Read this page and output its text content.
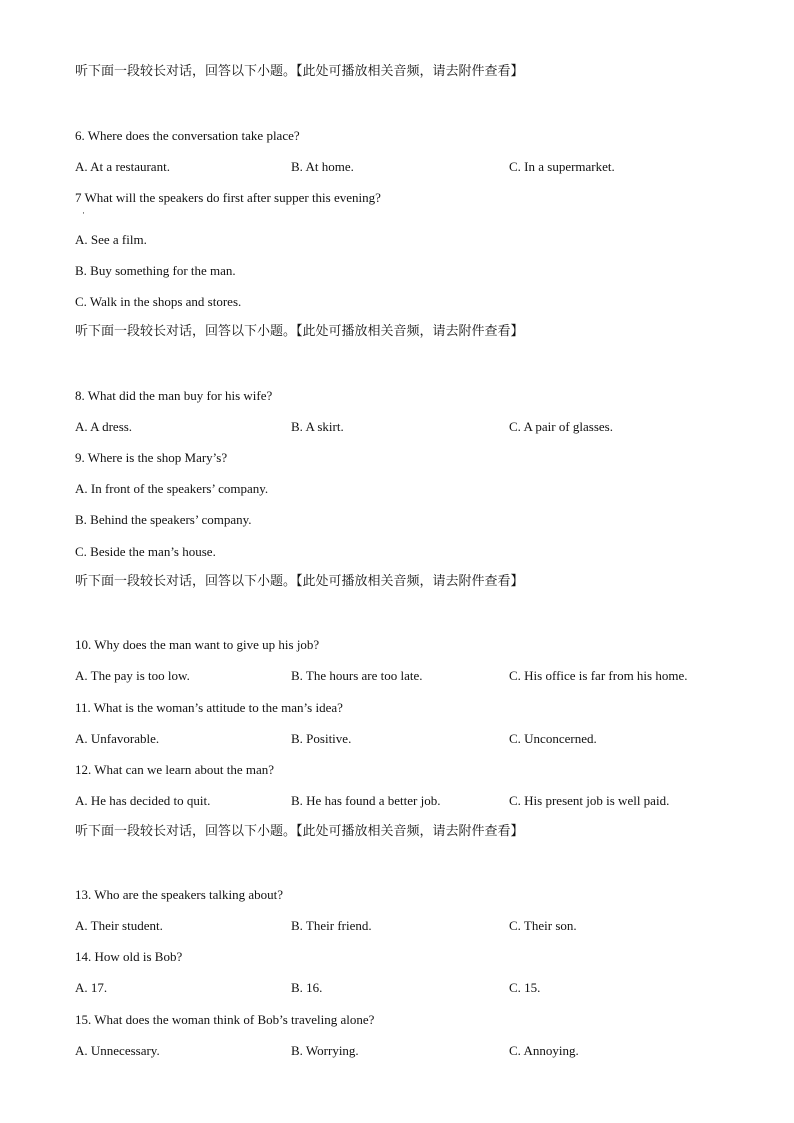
听下面一段较长对话，回答以下小题。【此处可播放相关音频，请去附件查看】
6. Where does the conversation take place?
A. At a restaurant.	B. At home.	C. In a supermarket.
7 What will the speakers do first after supper this evening?
·
A. See a film.
B. Buy something for the man.
C. Walk in the shops and stores.
听下面一段较长对话，回答以下小题。【此处可播放相关音频，请去附件查看】
8. What did the man buy for his wife?
A. A dress.	B. A skirt.	C. A pair of glasses.
9. Where is the shop Mary’s?
A. In front of the speakers’ company.
B. Behind the speakers’ company.
C. Beside the man’s house.
听下面一段较长对话，回答以下小题。【此处可播放相关音频，请去附件查看】
10. Why does the man want to give up his job?
A. The pay is too low.	B. The hours are too late.	C. His office is far from his home.
11. What is the woman’s attitude to the man’s idea?
A. Unfavorable.	B. Positive.	C. Unconcerned.
12. What can we learn about the man?
A. He has decided to quit.	B. He has found a better job.	C. His present job is well paid.
听下面一段较长对话，回答以下小题。【此处可播放相关音频，请去附件查看】
13. Who are the speakers talking about?
A. Their student.	B. Their friend.	C. Their son.
14. How old is Bob?
A. 17.	B. 16.	C. 15.
15. What does the woman think of Bob’s traveling alone?
A. Unnecessary.	B. Worrying.	C. Annoying.
